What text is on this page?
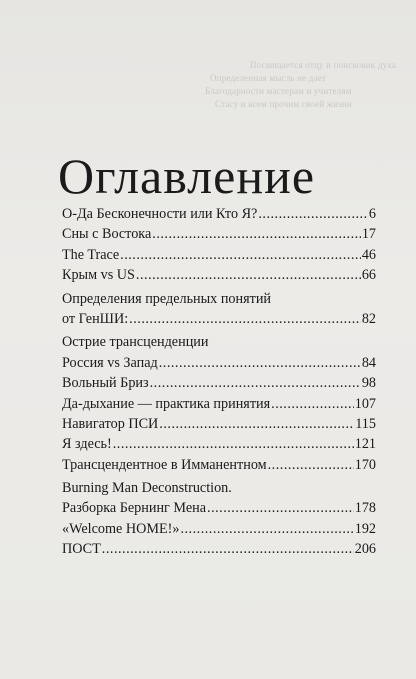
Посвящается отцу и поисковик духа
Определенная мысль не дает
Благодарности мастерам и учителям
Стасу и всем прочим своей жизни
Оглавление
О-Да Бесконечности или Кто Я? .....	6
Сны с Востока .....	17
The Trace .....	46
Крым vs US .....	66
Определения предельных понятий
от ГенШИ: .....	82
Острие трансценденции
Россия vs Запад .....	84
Вольный Бриз .....	98
Да-дыхание — практика принятия .....	107
Навигатор ПСИ .....	115
Я здесь! .....	121
Трансцендентное в Имманентном .....	170
Burning Man Deconstruction.
Разборка Бернинг Мена .....	178
«Welcome HOME!» .....	192
ПОСТ .....	206
